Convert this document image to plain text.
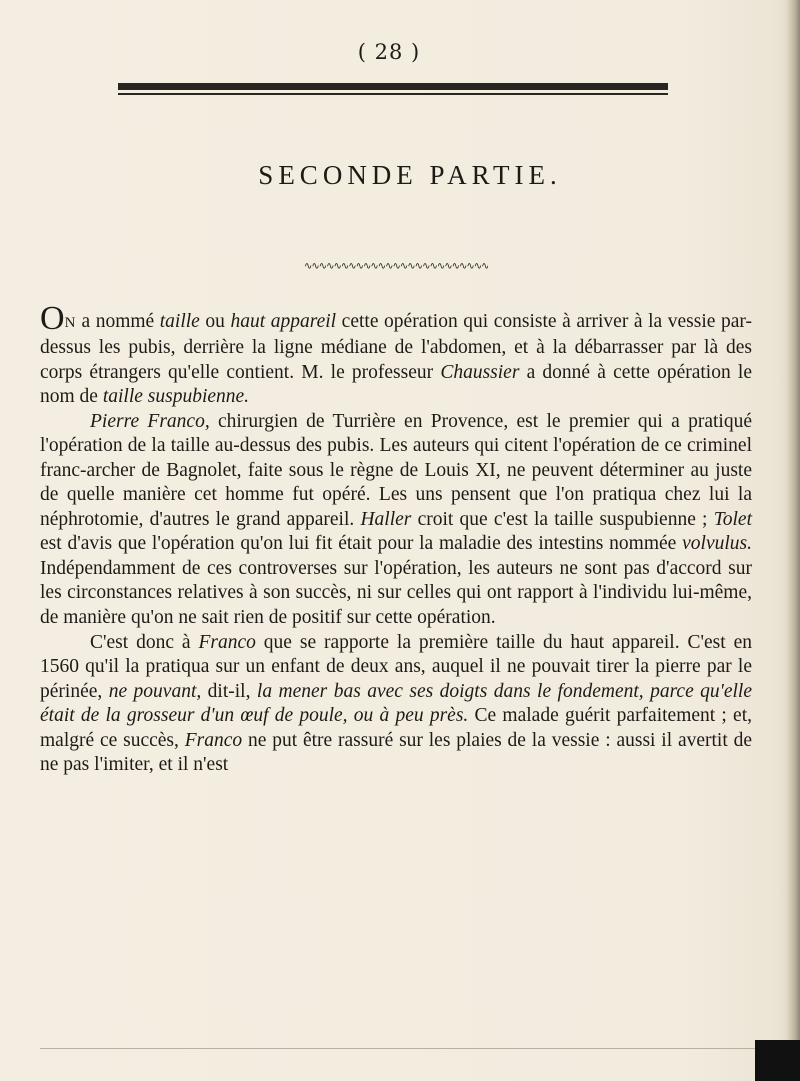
( 28 )
SECONDE PARTIE.
∿∿∿∿∿∿∿∿∿∿∿∿∿∿∿∿∿∿∿∿∿∿∿∿∿

ON a nommé taille ou haut appareil cette opération qui consiste à arriver à la vessie par-dessus les pubis, derrière la ligne médiane de l'abdomen, et à la débarrasser par là des corps étrangers qu'elle contient. M. le professeur Chaussier a donné à cette opération le nom de taille suspubienne.

Pierre Franco, chirurgien de Turrière en Provence, est le premier qui a pratiqué l'opération de la taille au-dessus des pubis. Les auteurs qui citent l'opération de ce criminel franc-archer de Bagnolet, faite sous le règne de Louis XI, ne peuvent déterminer au juste de quelle manière cet homme fut opéré. Les uns pensent que l'on pratiqua chez lui la néphrotomie, d'autres le grand appareil. Haller croit que c'est la taille suspubienne ; Tolet est d'avis que l'opération qu'on lui fit était pour la maladie des intestins nommée volvulus. Indépendamment de ces controverses sur l'opération, les auteurs ne sont pas d'accord sur les circonstances relatives à son succès, ni sur celles qui ont rapport à l'individu lui-même, de manière qu'on ne sait rien de positif sur cette opération.

C'est donc à Franco que se rapporte la première taille du haut appareil. C'est en 1560 qu'il la pratiqua sur un enfant de deux ans, auquel il ne pouvait tirer la pierre par le périnée, ne pouvant, dit-il, la mener bas avec ses doigts dans le fondement, parce qu'elle était de la grosseur d'un œuf de poule, ou à peu près. Ce malade guérit parfaitement ; et, malgré ce succès, Franco ne put être rassuré sur les plaies de la vessie : aussi il avertit de ne pas l'imiter, et il n'est
